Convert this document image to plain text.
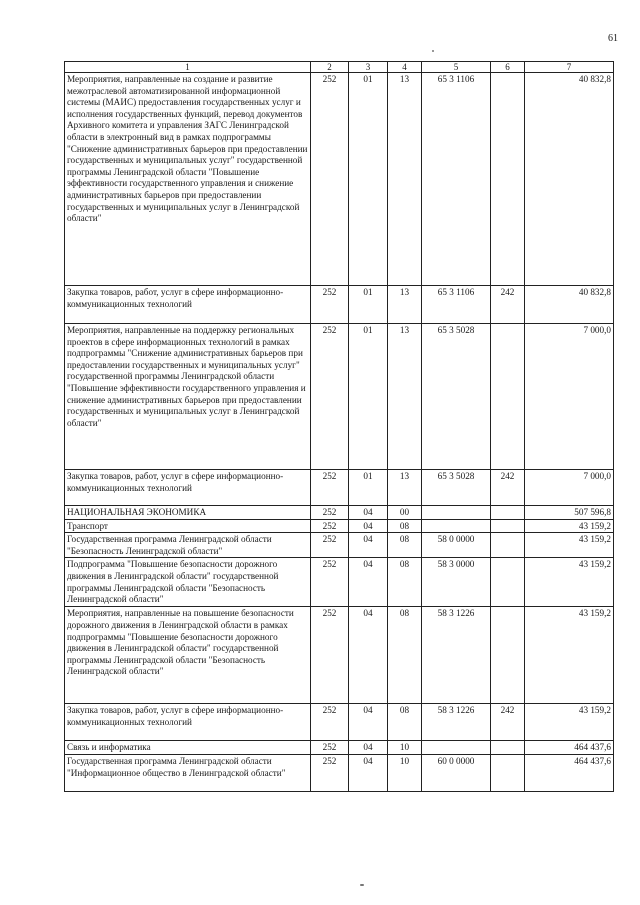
61
1	2	3	4	5	6	7
Мероприятия, направленные на создание и развитие межотраслевой автоматизированной информационной системы (МАИС) предоставления государственных услуг и исполнения государственных функций, перевод документов Архивного комитета и управления ЗАГС Ленинградской области в электронный вид в рамках подпрограммы "Снижение административных барьеров при предоставлении государственных и муниципальных услуг" государственной программы Ленинградской области "Повышение эффективности государственного управления и снижение административных барьеров при предоставлении государственных и муниципальных услуг в Ленинградской области"	252	01	13	65 3 1106		40 832,8
Закупка товаров, работ, услуг в сфере информационно-коммуникационных технологий	252	01	13	65 3 1106	242	40 832,8
Мероприятия, направленные на поддержку региональных проектов в сфере информационных технологий в рамках подпрограммы "Снижение административных барьеров при предоставлении государственных и муниципальных услуг" государственной программы Ленинградской области "Повышение эффективности государственного управления и снижение административных барьеров при предоставлении государственных и муниципальных услуг в Ленинградской области"	252	01	13	65 3 5028		7 000,0
Закупка товаров, работ, услуг в сфере информационно-коммуникационных технологий	252	01	13	65 3 5028	242	7 000,0
НАЦИОНАЛЬНАЯ ЭКОНОМИКА	252	04	00			507 596,8
Транспорт	252	04	08			43 159,2
Государственная программа Ленинградской области "Безопасность Ленинградской области"	252	04	08	58 0 0000		43 159,2
Подпрограмма "Повышение безопасности дорожного движения в Ленинградской области" государственной программы Ленинградской области "Безопасность Ленинградской области"	252	04	08	58 3 0000		43 159,2
Мероприятия, направленные на повышение безопасности дорожного движения в Ленинградской области в рамках подпрограммы "Повышение безопасности дорожного движения в Ленинградской области" государственной программы Ленинградской области "Безопасность Ленинградской области"	252	04	08	58 3 1226		43 159,2
Закупка товаров, работ, услуг в сфере информационно-коммуникационных технологий	252	04	08	58 3 1226	242	43 159,2
Связь и информатика	252	04	10			464 437,6
Государственная программа Ленинградской области "Информационное общество в Ленинградской области"	252	04	10	60 0 0000		464 437,6
